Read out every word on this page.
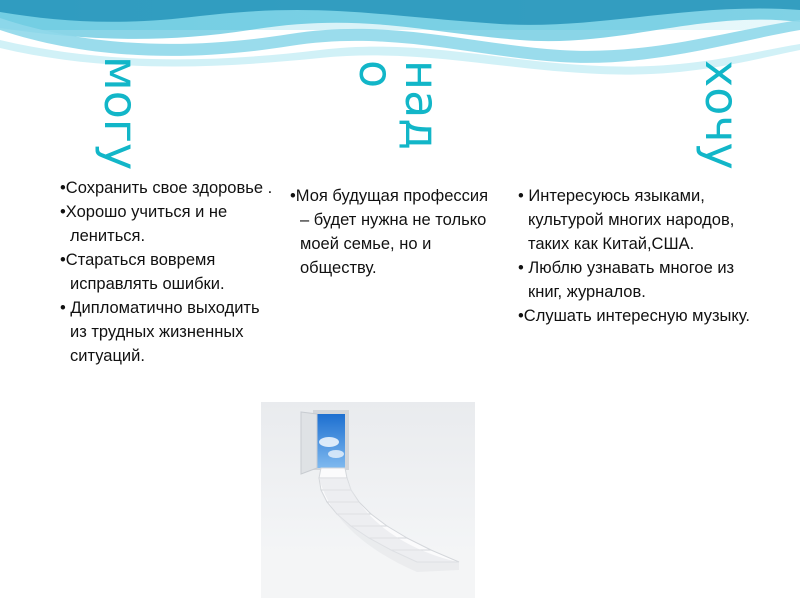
могу	над
о	хочу
•Сохранить свое здоровье .
•Хорошо учиться и не лениться.
•Стараться вовремя исправлять ошибки.
• Дипломатично выходить из трудных жизненных ситуаций.
•Моя будущая профессия – будет нужна не только моей семье, но и обществу.
• Интересуюсь языками, культурой многих народов, таких как Китай,США.
• Люблю узнавать многое из книг, журналов.
•Слушать интересную музыку.
